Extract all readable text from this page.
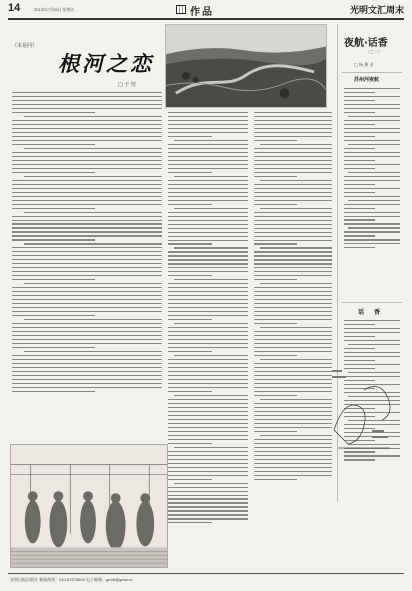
14	2013年7月26日 星期五	作品	光明文汇周末
《本是同》
根河之恋
□ 于 坚
夜航·话香
（之二）
□ 杨 赛 亚
苏州河夜航
话 香
光明日报出版社 新闻热线：010-67078800 电子邮箱：gmrb@gmw.cn
